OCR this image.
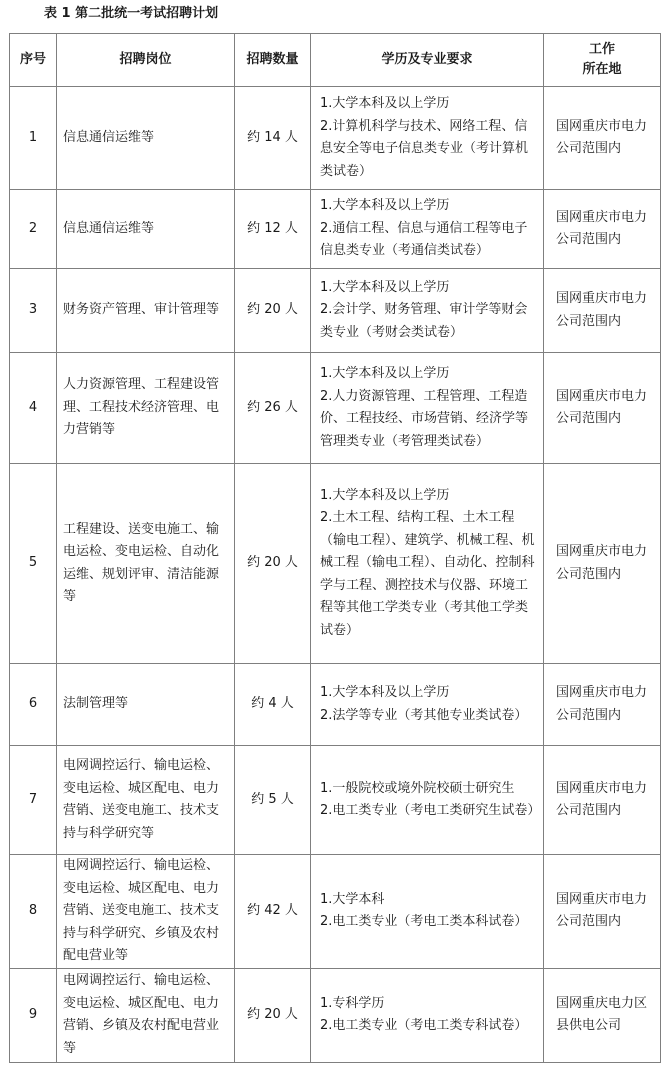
表 1 第二批统一考试招聘计划
序号	招聘岗位	招聘数量	学历及专业要求	工作
所在地

1	信息通信运维等	约 14 人	1.大学本科及以上学历
2.计算机科学与技术、网络工程、信息安全等电子信息类专业（考计算机类试卷）	国网重庆市电力公司范围内
2	信息通信运维等	约 12 人	1.大学本科及以上学历
2.通信工程、信息与通信工程等电子信息类专业（考通信类试卷）	国网重庆市电力公司范围内
3	财务资产管理、审计管理等	约 20 人	1.大学本科及以上学历
2.会计学、财务管理、审计学等财会类专业（考财会类试卷）	国网重庆市电力公司范围内
4	人力资源管理、工程建设管理、工程技术经济管理、电力营销等	约 26 人	1.大学本科及以上学历
2.人力资源管理、工程管理、工程造价、工程技经、市场营销、经济学等管理类专业（考管理类试卷）	国网重庆市电力公司范围内
5	工程建设、送变电施工、输电运检、变电运检、自动化运维、规划评审、清洁能源等	约 20 人	1.大学本科及以上学历
2.土木工程、结构工程、土木工程（输电工程）、建筑学、机械工程、机械工程（输电工程）、自动化、控制科学与工程、测控技术与仪器、环境工程等其他工学类专业（考其他工学类试卷）	国网重庆市电力公司范围内
6	法制管理等	约 4 人	1.大学本科及以上学历
2.法学等专业（考其他专业类试卷）	国网重庆市电力公司范围内
7	电网调控运行、输电运检、变电运检、城区配电、电力营销、送变电施工、技术支持与科学研究等	约 5 人	1.一般院校或境外院校硕士研究生
2.电工类专业（考电工类研究生试卷）	国网重庆市电力公司范围内
8	电网调控运行、输电运检、变电运检、城区配电、电力营销、送变电施工、技术支持与科学研究、乡镇及农村配电营业等	约 42 人	1.大学本科
2.电工类专业（考电工类本科试卷）	国网重庆市电力公司范围内
9	电网调控运行、输电运检、变电运检、城区配电、电力营销、乡镇及农村配电营业等	约 20 人	1.专科学历
2.电工类专业（考电工类专科试卷）	国网重庆电力区县供电公司
